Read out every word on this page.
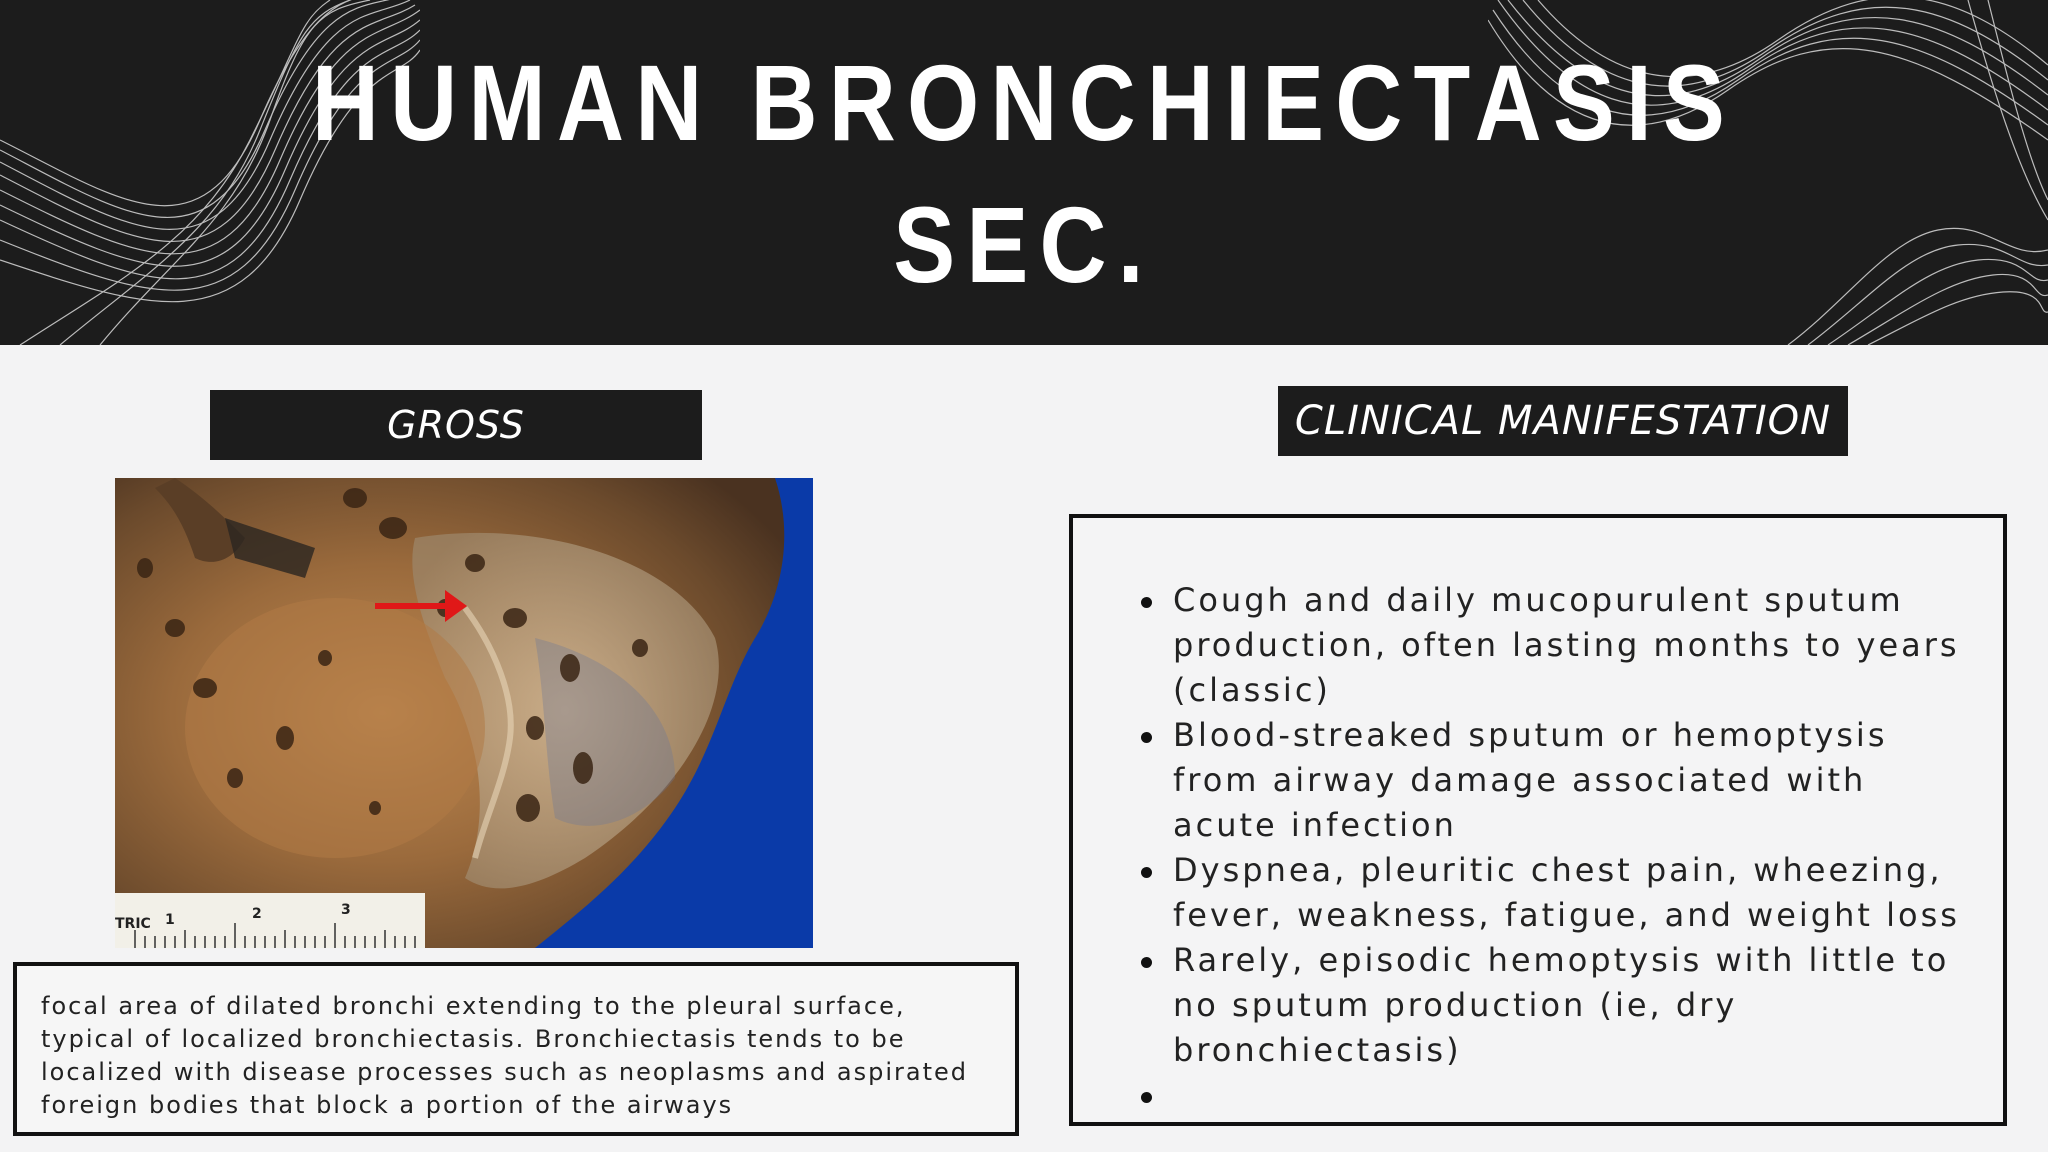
HUMAN BRONCHIECTASIS
SEC.
GROSS	CLINICAL MANIFESTATION
TRIC 1	2	3
focal area of dilated bronchi extending to the pleural surface, typical of localized bronchiectasis. Bronchiectasis tends to be localized with disease processes such as neoplasms and aspirated foreign bodies that block a portion of the airways
Cough and daily mucopurulent sputum production, often lasting months to years (classic)
Blood-streaked sputum or hemoptysis from airway damage associated with acute infection
Dyspnea, pleuritic chest pain, wheezing, fever, weakness, fatigue, and weight loss
Rarely, episodic hemoptysis with little to no sputum production (ie, dry bronchiectasis)
